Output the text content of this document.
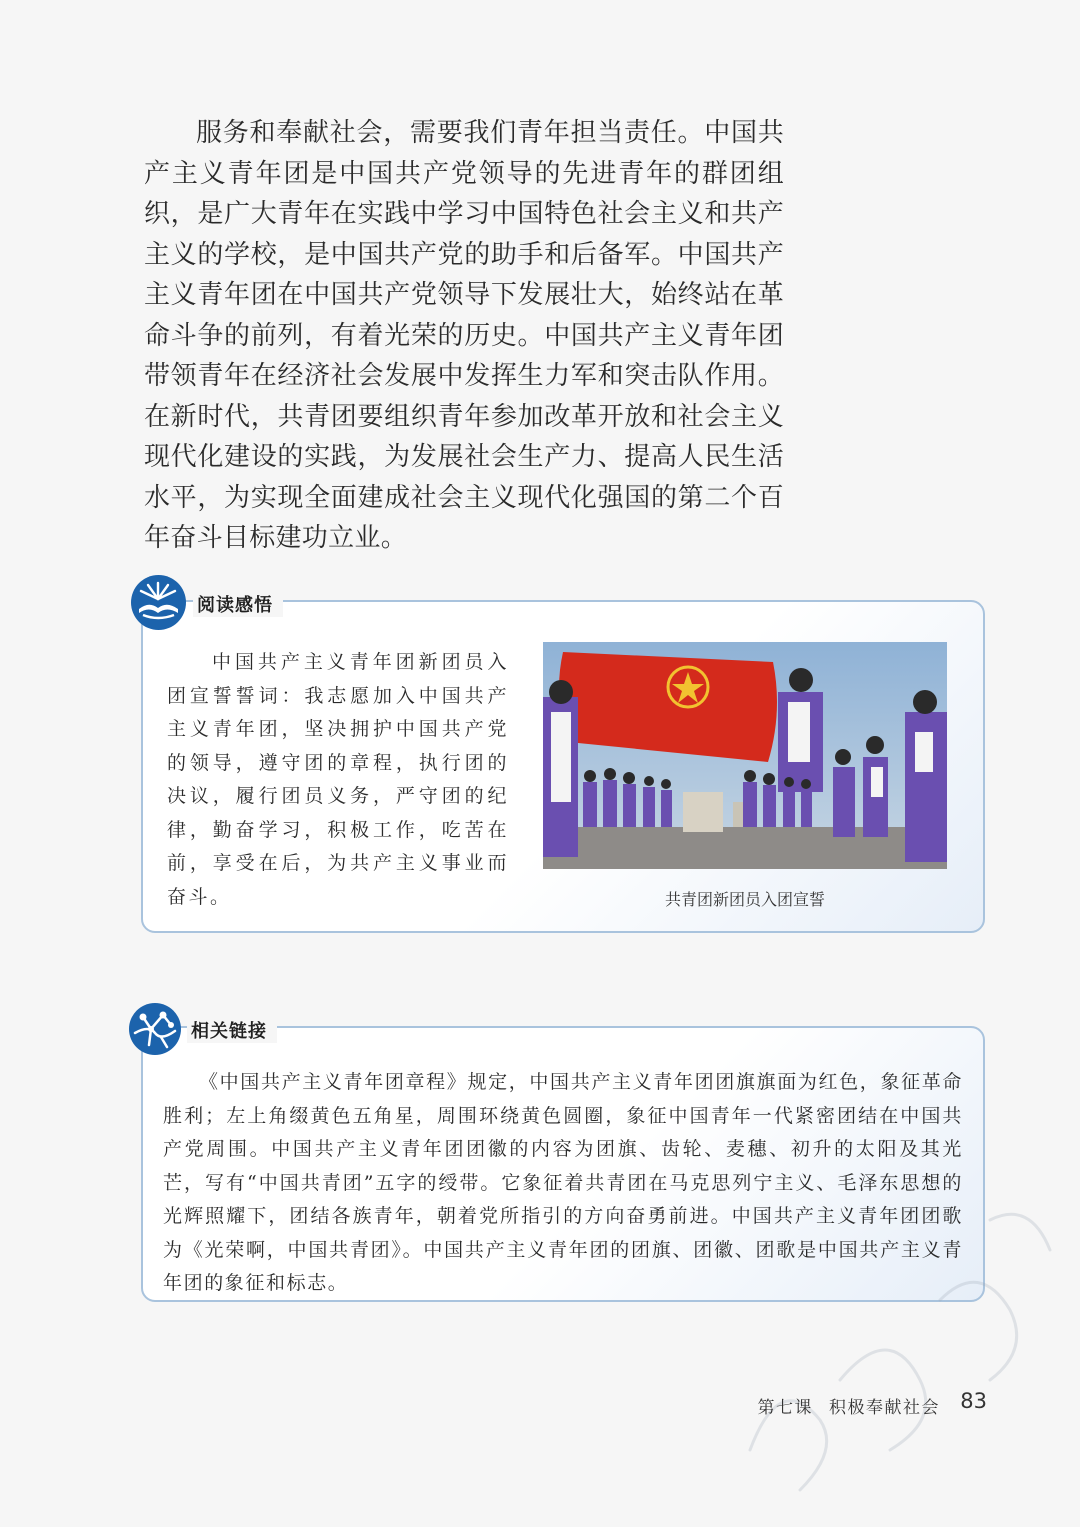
服务和奉献社会，需要我们青年担当责任。中国共产主义青年团是中国共产党领导的先进青年的群团组织，是广大青年在实践中学习中国特色社会主义和共产主义的学校，是中国共产党的助手和后备军。中国共产主义青年团在中国共产党领导下发展壮大，始终站在革命斗争的前列，有着光荣的历史。中国共产主义青年团带领青年在经济社会发展中发挥生力军和突击队作用。在新时代，共青团要组织青年参加改革开放和社会主义现代化建设的实践，为发展社会生产力、提高人民生活水平，为实现全面建成社会主义现代化强国的第二个百年奋斗目标建功立业。

阅读感悟

中国共产主义青年团新团员入团宣誓誓词：我志愿加入中国共产主义青年团，坚决拥护中国共产党的领导，遵守团的章程，执行团的决议，履行团员义务，严守团的纪律，勤奋学习，积极工作，吃苦在前，享受在后，为共产主义事业而奋斗。	共青团新团员入团宣誓
相关链接

《中国共产主义青年团章程》规定，中国共产主义青年团团旗旗面为红色，象征革命胜利；左上角缀黄色五角星，周围环绕黄色圆圈，象征中国青年一代紧密团结在中国共产党周围。中国共产主义青年团团徽的内容为团旗、齿轮、麦穗、初升的太阳及其光芒，写有“中国共青团”五字的绶带。它象征着共青团在马克思列宁主义、毛泽东思想的光辉照耀下，团结各族青年，朝着党所指引的方向奋勇前进。中国共产主义青年团团歌为《光荣啊，中国共青团》。中国共产主义青年团的团旗、团徽、团歌是中国共产主义青年团的象征和标志。

第七课 积极奉献社会 83
